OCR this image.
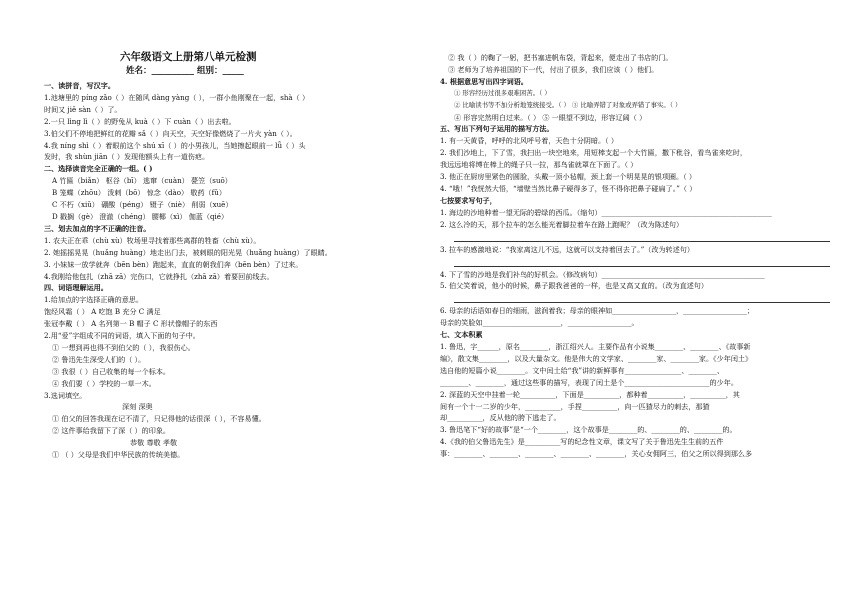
六年级语文上册第八单元检测
姓名：__________ 组别：_____
一、读拼音，写汉字。
1.池塘里的 pínɡ zǎo（ ）在随风 dàng yàng（ ），一群小鱼刚聚在一起，shà（ ）
时间又 jiě sàn（ ）了。
2.一只 lìng lì（ ）的野兔从 kuà（ ）下 cuàn（ ）出去啦。
3.伯父们不停地把鲜红的花瓣 sǎ（ ）向天空，天空好像燃烧了一片火 yàn（ ）。
4.我 nínɡ shì（ ）着眼前这个 shú xī（ ）的小男孩儿，当她擦起眼前一 lǚ（ ）头
发时，我 shùn jiān（ ）发现他额头上有一道伤疤。
二、选择读音完全正确的一组。( )
A 竹匾（biǎn） 枢谷（bī） 逃窜（cuàn） 甍笠（suō）
B 笼蝶（zhōu） 泼刺（bō） 惊念（dào） 敬药（fǔ）
C 不朽（xiǔ） 硼酸（pénɡ） 镊子（niè） 削弱（xuē）
D 戳搁（ɡè） 澄澈（chénɡ） 腰椰（xì） 伽蓝（qié）
三、划去加点的字不正确的注音。
1. 农夫正在乖（chù xù）牧场里寻找着那些离群的牲畜（chù xù）。
2. 她摇摇晃晃（huǎnɡ huànɡ）地走出门去，被刺眼的阳光晃（huǎnɡ huànɡ）了眼睛。
3. 小妹妹一放学就奔（bēn bèn）跑起来，直直的朝我们奔（bēn bèn）了过来。
4.我刚给他包扎（zhā zā）完伤口，它就挣扎（zhā zā）着要回前线去。
四、词语理解运用。
1.给加点的字选择正确的意思。
饱经风霜（ ） A 吃饱 B 充分 C 满足
张冠李戴（ ） A 名列第一 B 帽子 C 形状像帽子的东西
2.用“爱”字组成不同的词语，填入下面的句子中。
① 一想到再也得不到伯父的（ ），我很伤心。
② 鲁迅先生深受人们的（ ）。
③ 我很（ ）自己收集的每一个标本。
④ 我们要（ ）学校的一草一木。
3.选词填空。
深刻 深奥
① 伯父的回答我现在记不清了，只记得他的话很深（ ），不容易懂。
② 这件事给我留下了深（ ）的印象。
恭敬 尊敬 孝敬
① （ ）父母是我们中华民族的传统美德。
② 我（ ）的鞠了一躬，把书塞进帆布袋，背起来，便走出了书店的门。
③ 老师为了培养祖国的下一代，付出了很多，我们应该（ ）他们。
4. 根据意思写出四字词语。
① 形容经历过很多艰难困苦。（ ）
② 比喻读书等不加分析地笼统接受。（ ） ③ 比喻弄错了对象或弄错了事实。（ ）
④ 形容完然明白过来。（ ） ⑤ 一眼望不到边，形容辽阔（ ）
五、写出下列句子运用的描写方法。
1. 有一天黄昏，呼呼的北风呼号着，天色十分阴暗。（ ）
2. 我们沙地上，下了雪，我扫出一块空地来，用短棒支起一个大竹匾，撒下秕谷，看鸟雀来吃时，
我远远地将缚在棒上的绳子只一拉，那鸟雀就罩在下面了。（ ）
3. 他正在厨房里紧色的圆脸，头戴一顶小毡帽，颈上套一个明晃晃的银项圈。（ ）
4. “哦！”我恍然大悟，“墙壁当然比鼻子硬得多了，怪不得你把鼻子碰扁了。”（ ）
七按要求写句子，
1. 海边的沙地种着一望无际的碧绿的西瓜。（缩句）________________________________________________
2. 这么冷的天，那个拉车的怎么能光着脚拉着车在路上跑呢？（改为陈述句）
3. 拉车的感激地说：“我家离这儿不远，这就可以支持着回去了。”（改为转述句）
4. 下了雪的沙地是我们补鸟的好机会。（修改病句）______________________________________________
5. 伯父笑着说，他小的时候，鼻子跟我爸爸的一样，也是又高又直的。（改为直述句）
6. 母亲的话语如春日的细雨，滋润着我；母亲的眼神如__________________，__________________；
母亲的笑脸如______________________，__________________。
七、文本积累
1. 鲁迅，字______，原名________，浙江绍兴人。主要作品有小说集________、________、《故事新
编》，散文集________，以及大量杂文。他是伟大的文学家、________家、________家。《少年闰土》
选自他的短篇小说________。文中闰土给“我”讲的新鲜事有________________、________、
________、________，通过这些事的描写，表现了闰土是个________________________的少年。
2. 深蓝的天空中挂着一轮__________，下面是__________，都种着__________，__________，其
间有一个十一二岁的少年，__________，手捏__________，向一匹猹尽力的刺去，那猹
却__________，反从他的胯下逃走了。
3. 鲁迅笔下“好的故事”是“一个________，这个故事是________的、________的、________的。
4.《我的伯父鲁迅先生》是__________写的纪念性文章，课文写了关于鲁迅先生生前的五件
事：________、________、________、________、________，关心女佣阿三，伯父之所以得到那么多
